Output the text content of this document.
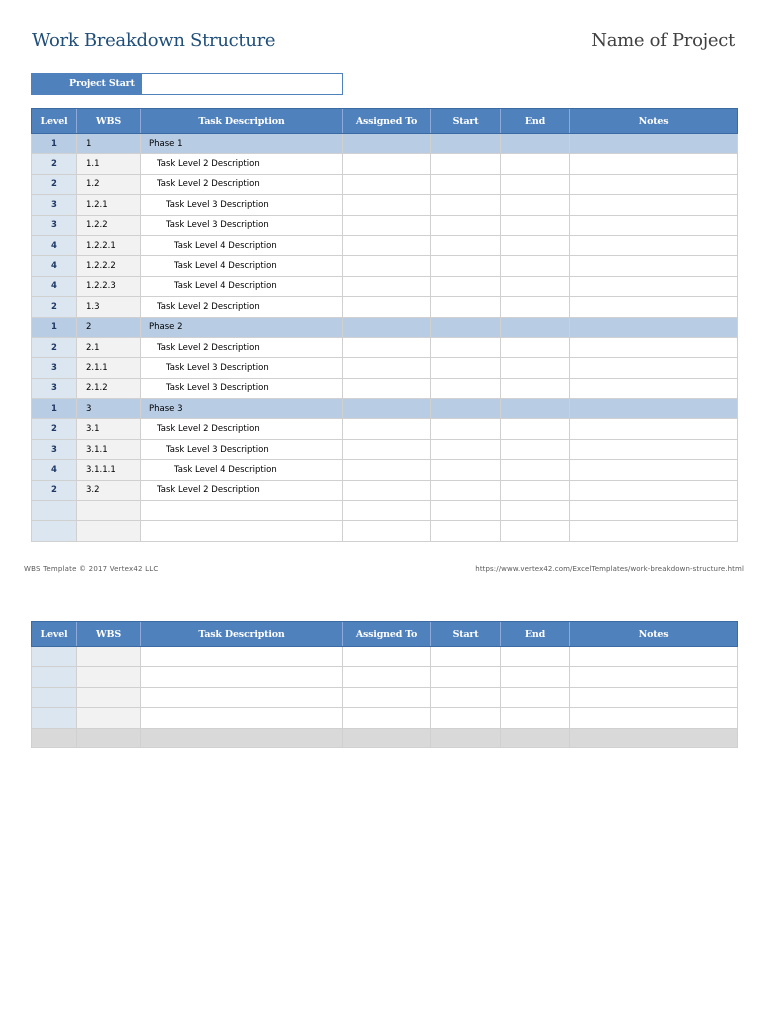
Work Breakdown Structure	Name of Project
Project Start
Level	WBS	Task Description	Assigned To	Start	End	Notes
1	1	Phase 1				
2	1.1	Task Level 2 Description				
2	1.2	Task Level 2 Description				
3	1.2.1	Task Level 3 Description				
3	1.2.2	Task Level 3 Description				
4	1.2.2.1	Task Level 4 Description				
4	1.2.2.2	Task Level 4 Description				
4	1.2.2.3	Task Level 4 Description				
2	1.3	Task Level 2 Description				
1	2	Phase 2				
2	2.1	Task Level 2 Description				
3	2.1.1	Task Level 3 Description				
3	2.1.2	Task Level 3 Description				
1	3	Phase 3				
2	3.1	Task Level 2 Description				
3	3.1.1	Task Level 3 Description				
4	3.1.1.1	Task Level 4 Description				
2	3.2	Task Level 2 Description				

WBS Template © 2017 Vertex42 LLC	https://www.vertex42.com/ExcelTemplates/work-breakdown-structure.html
Level	WBS	Task Description	Assigned To	Start	End	Notes
